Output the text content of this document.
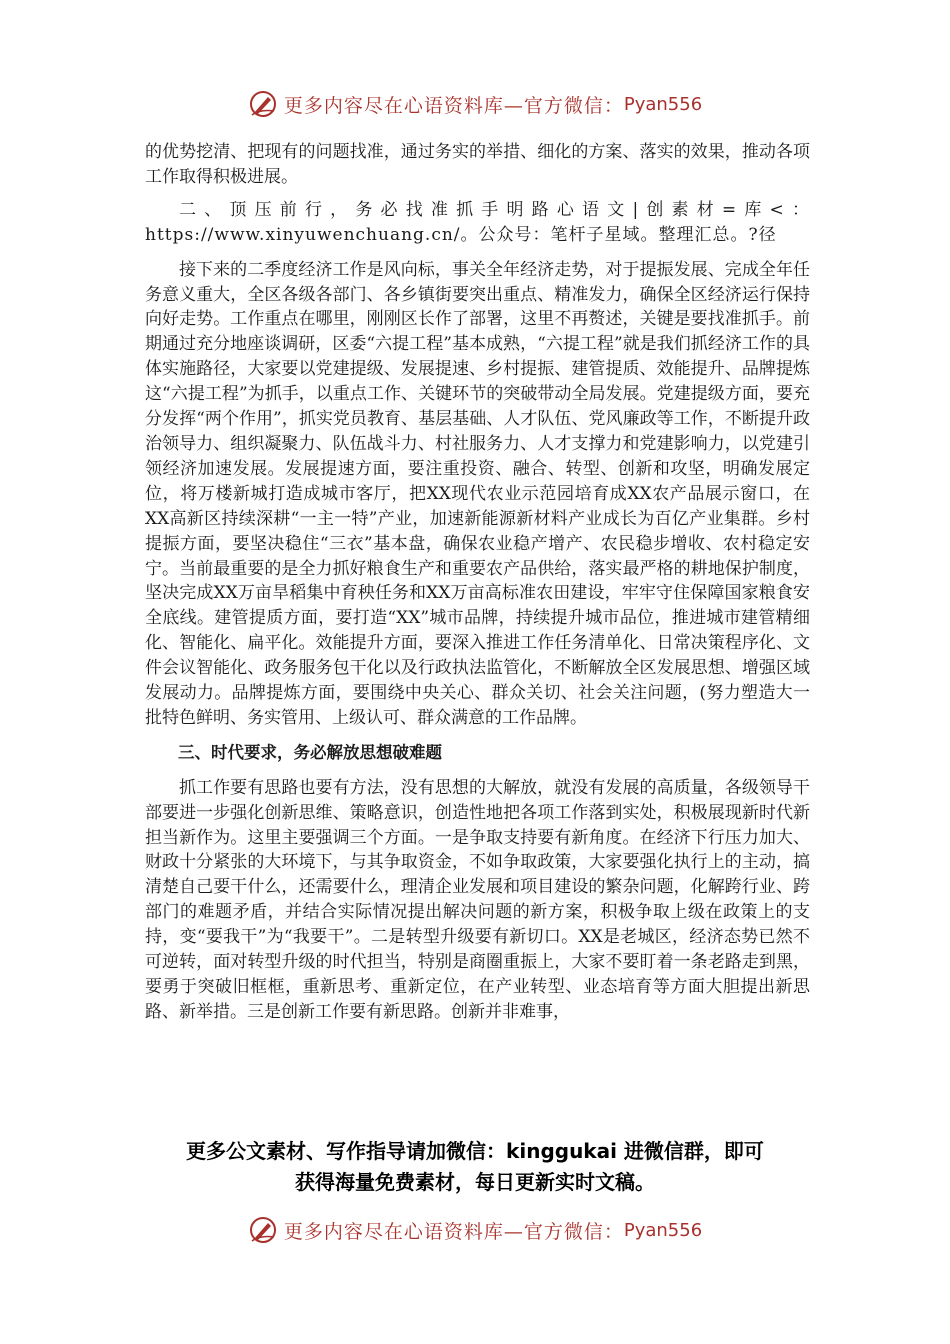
更多内容尽在心语资料库—官方微信： Pyan556

的优势挖清、把现有的问题找准，通过务实的举措、细化的方案、落实的效果，推动各项工作取得积极进展。

二、顶压前行，务必找准抓手明路心语文|创素材=库<：https://www.xinyuwenchuang.cn/。公众号：笔杆子星域。整理汇总。?径

接下来的二季度经济工作是风向标，事关全年经济走势，对于提振发展、完成全年任务意义重大，全区各级各部门、各乡镇街要突出重点、精准发力，确保全区经济运行保持向好走势。工作重点在哪里，刚刚区长作了部署，这里不再赘述，关键是要找准抓手。前期通过充分地座谈调研，区委“六提工程”基本成熟，“六提工程”就是我们抓经济工作的具体实施路径，大家要以党建提级、发展提速、乡村提振、建管提质、效能提升、品牌提炼这“六提工程”为抓手，以重点工作、关键环节的突破带动全局发展。党建提级方面，要充分发挥“两个作用”，抓实党员教育、基层基础、人才队伍、党风廉政等工作，不断提升政治领导力、组织凝聚力、队伍战斗力、村社服务力、人才支撑力和党建影响力，以党建引领经济加速发展。发展提速方面，要注重投资、融合、转型、创新和攻坚，明确发展定位，将万楼新城打造成城市客厅，把XX现代农业示范园培育成XX农产品展示窗口，在XX高新区持续深耕“一主一特”产业，加速新能源新材料产业成长为百亿产业集群。乡村提振方面，要坚决稳住“三衣”基本盘，确保农业稳产增产、农民稳步增收、农村稳定安宁。当前最重要的是全力抓好粮食生产和重要农产品供给，落实最严格的耕地保护制度，坚决完成XX万亩旱稻集中育秧任务和XX万亩高标准农田建设，牢牢守住保障国家粮食安全底线。建管提质方面，要打造“XX”城市品牌，持续提升城市品位，推进城市建管精细化、智能化、扁平化。效能提升方面，要深入推进工作任务清单化、日常决策程序化、文件会议智能化、政务服务包干化以及行政执法监管化，不断解放全区发展思想、增强区域发展动力。品牌提炼方面，要围绕中央关心、群众关切、社会关注问题，(努力塑造大一批特色鲜明、务实管用、上级认可、群众满意的工作品牌。

三、时代要求，务必解放思想破难题

抓工作要有思路也要有方法，没有思想的大解放，就没有发展的高质量，各级领导干部要进一步强化创新思维、策略意识，创造性地把各项工作落到实处，积极展现新时代新担当新作为。这里主要强调三个方面。一是争取支持要有新角度。在经济下行压力加大、财政十分紧张的大环境下，与其争取资金，不如争取政策，大家要强化执行上的主动，搞清楚自己要干什么，还需要什么，理清企业发展和项目建设的繁杂问题，化解跨行业、跨部门的难题矛盾，并结合实际情况提出解决问题的新方案，积极争取上级在政策上的支持，变“要我干”为“我要干”。二是转型升级要有新切口。XX是老城区，经济态势已然不可逆转，面对转型升级的时代担当，特别是商圈重振上，大家不要盯着一条老路走到黑，要勇于突破旧框框，重新思考、重新定位，在产业转型、业态培育等方面大胆提出新思路、新举措。三是创新工作要有新思路。创新并非难事，

更多公文素材、写作指导请加微信：kinggukai 进微信群，即可

获得海量免费素材，每日更新实时文稿。

更多内容尽在心语资料库—官方微信： Pyan556
